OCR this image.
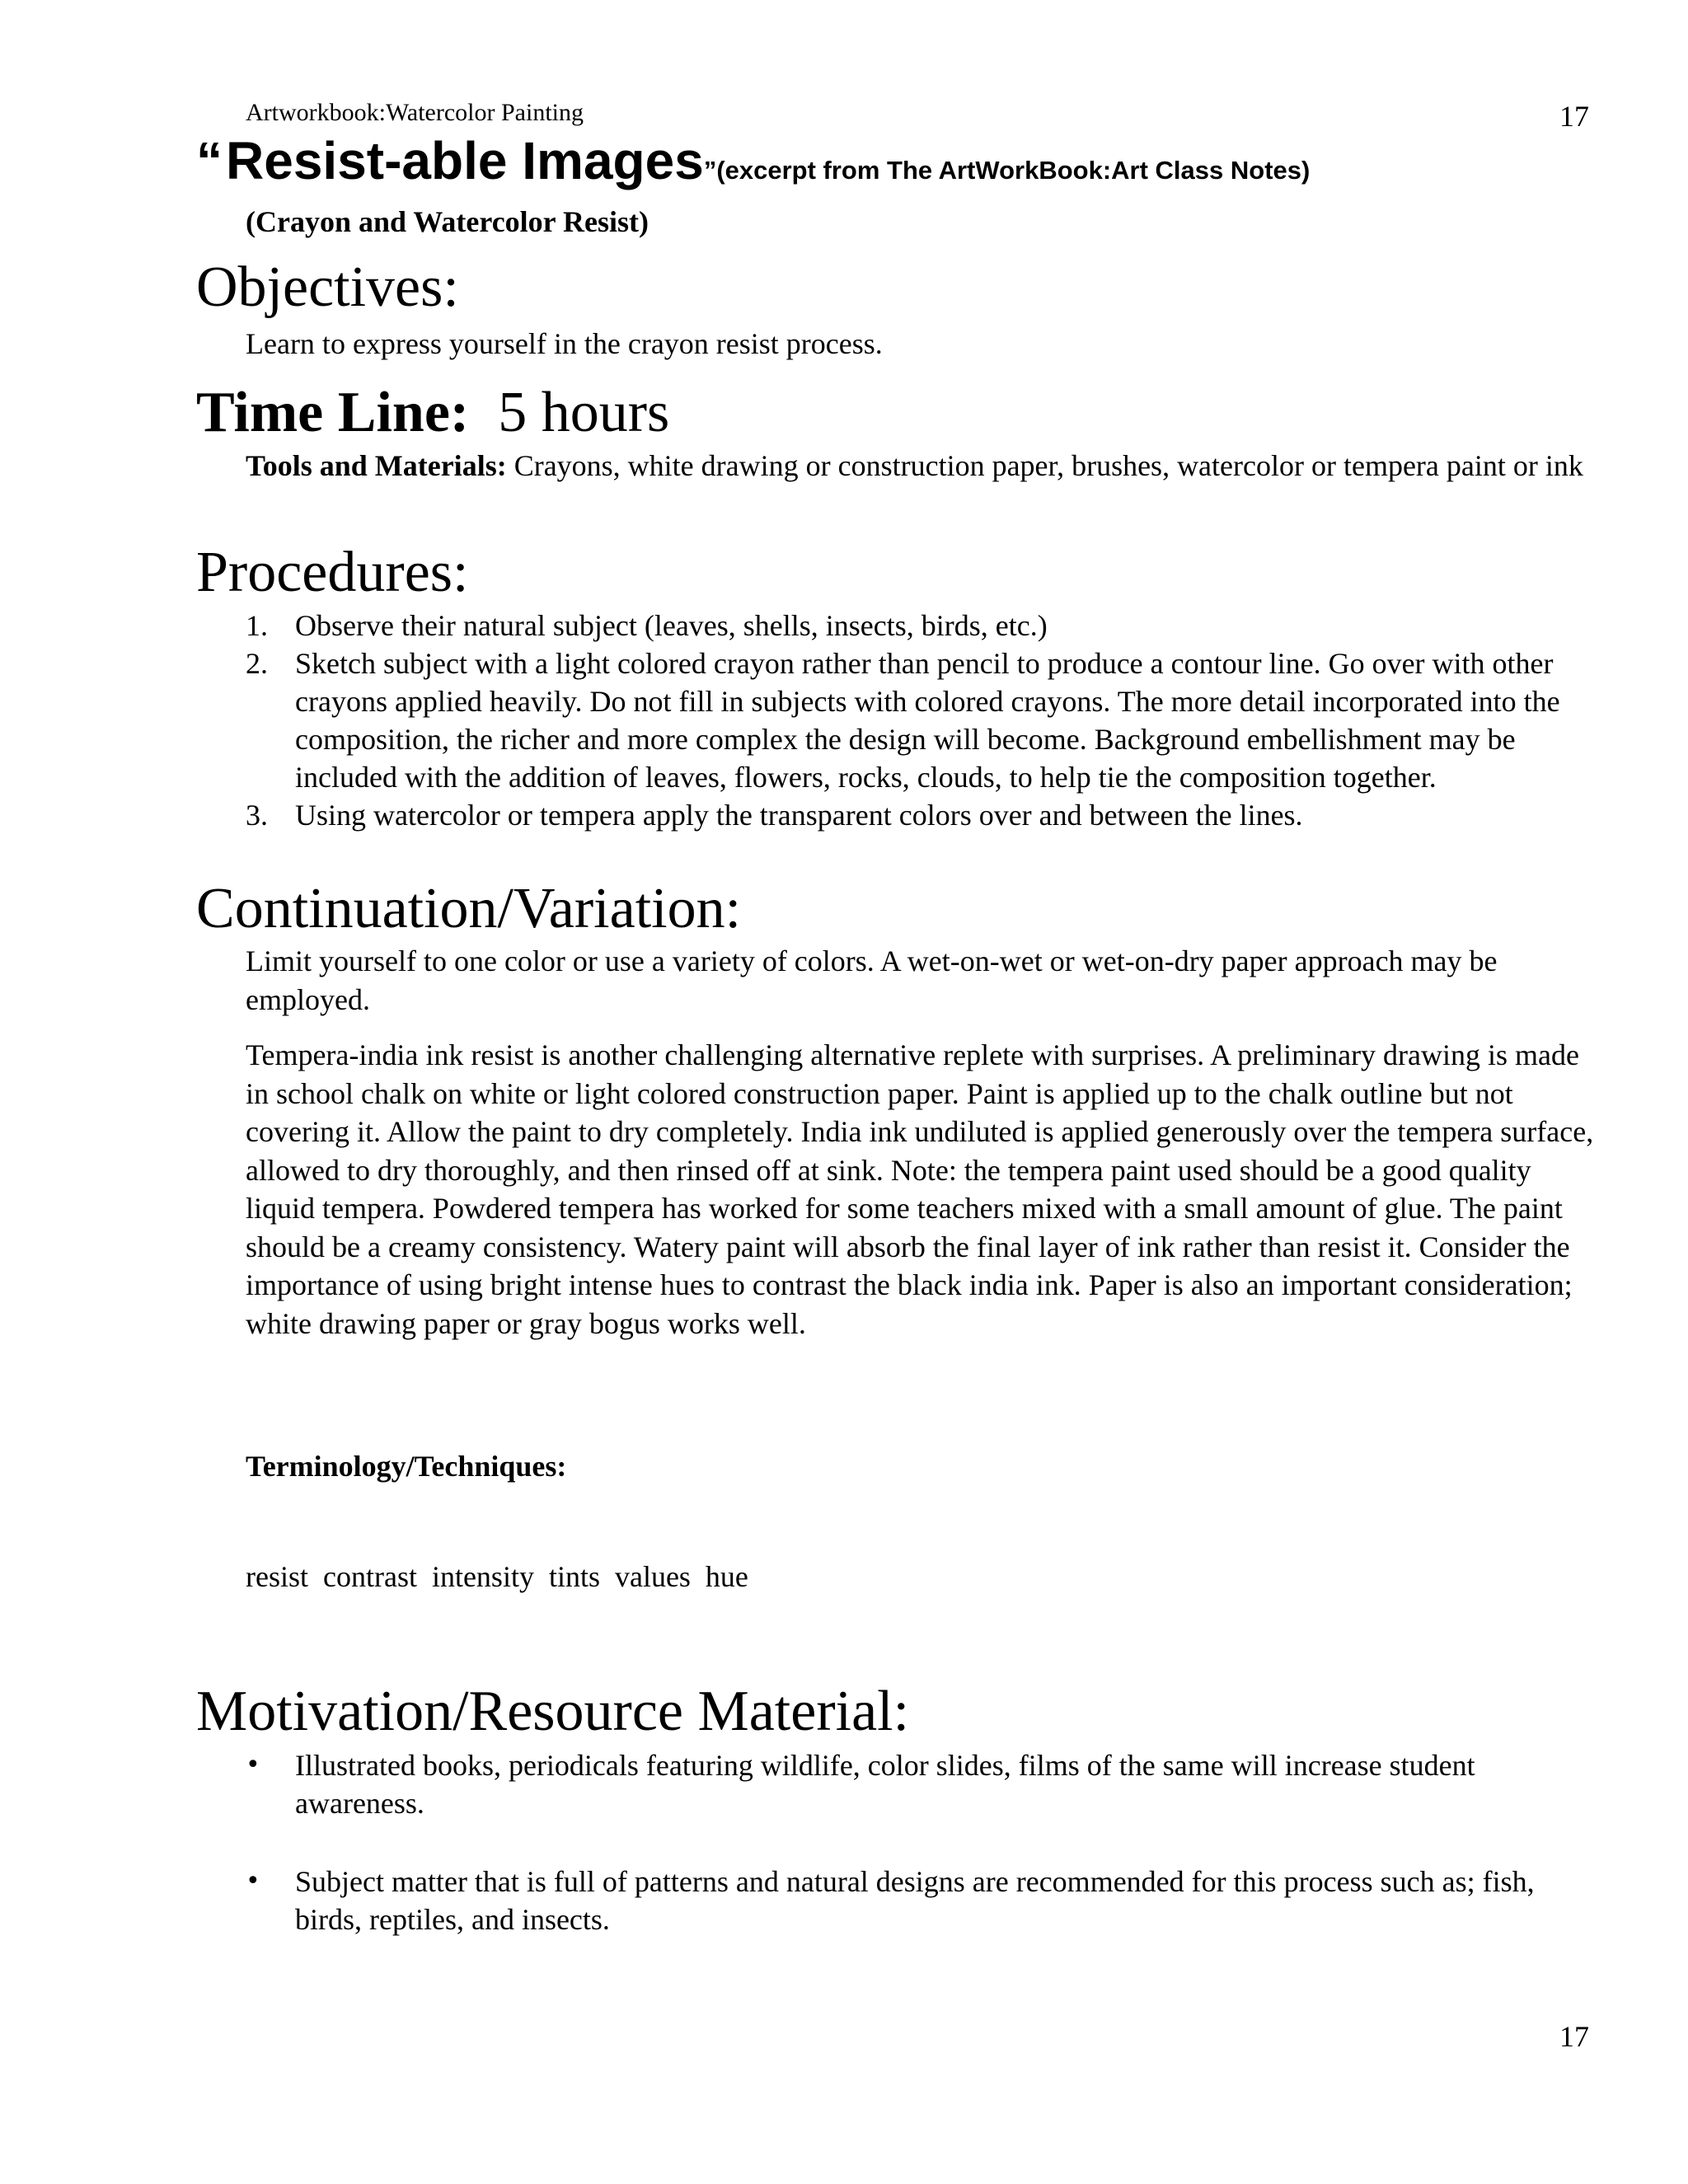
Artworkbook:Watercolor Painting	17
“ Resist-able Images”(excerpt from The ArtWorkBook:Art Class Notes)
(Crayon and Watercolor Resist)
Objectives:
Learn to express yourself in the crayon resist process.
Time Line: 5 hours
Tools and Materials: Crayons, white drawing or construction paper, brushes, watercolor or tempera paint or ink
Procedures:
1. Observe their natural subject (leaves, shells, insects, birds, etc.)
2. Sketch subject with a light colored crayon rather than pencil to produce a contour line. Go over with other crayons applied heavily. Do not fill in subjects with colored crayons. The more detail incorporated into the composition, the richer and more complex the design will become. Background embellishment may be included with the addition of leaves, flowers, rocks, clouds, to help tie the composition together.
3. Using watercolor or tempera apply the transparent colors over and between the lines.
Continuation/Variation:
Limit yourself to one color or use a variety of colors. A wet-on-wet or wet-on-dry paper approach may be employed.
Tempera-india ink resist is another challenging alternative replete with surprises. A preliminary drawing is made in school chalk on white or light colored construction paper. Paint is applied up to the chalk outline but not covering it. Allow the paint to dry completely. India ink undiluted is applied generously over the tempera surface, allowed to dry thoroughly, and then rinsed off at sink. Note: the tempera paint used should be a good quality liquid tempera. Powdered tempera has worked for some teachers mixed with a small amount of glue. The paint should be a creamy consistency. Watery paint will absorb the final layer of ink rather than resist it. Consider the importance of using bright intense hues to contrast the black india ink. Paper is also an important consideration; white drawing paper or gray bogus works well.
Terminology/Techniques:
resist  contrast  intensity  tints  values  hue
Motivation/Resource Material:
• Illustrated books, periodicals featuring wildlife, color slides, films of the same will increase student awareness.
• Subject matter that is full of patterns and natural designs are recommended for this process such as; fish, birds, reptiles, and insects.
17
